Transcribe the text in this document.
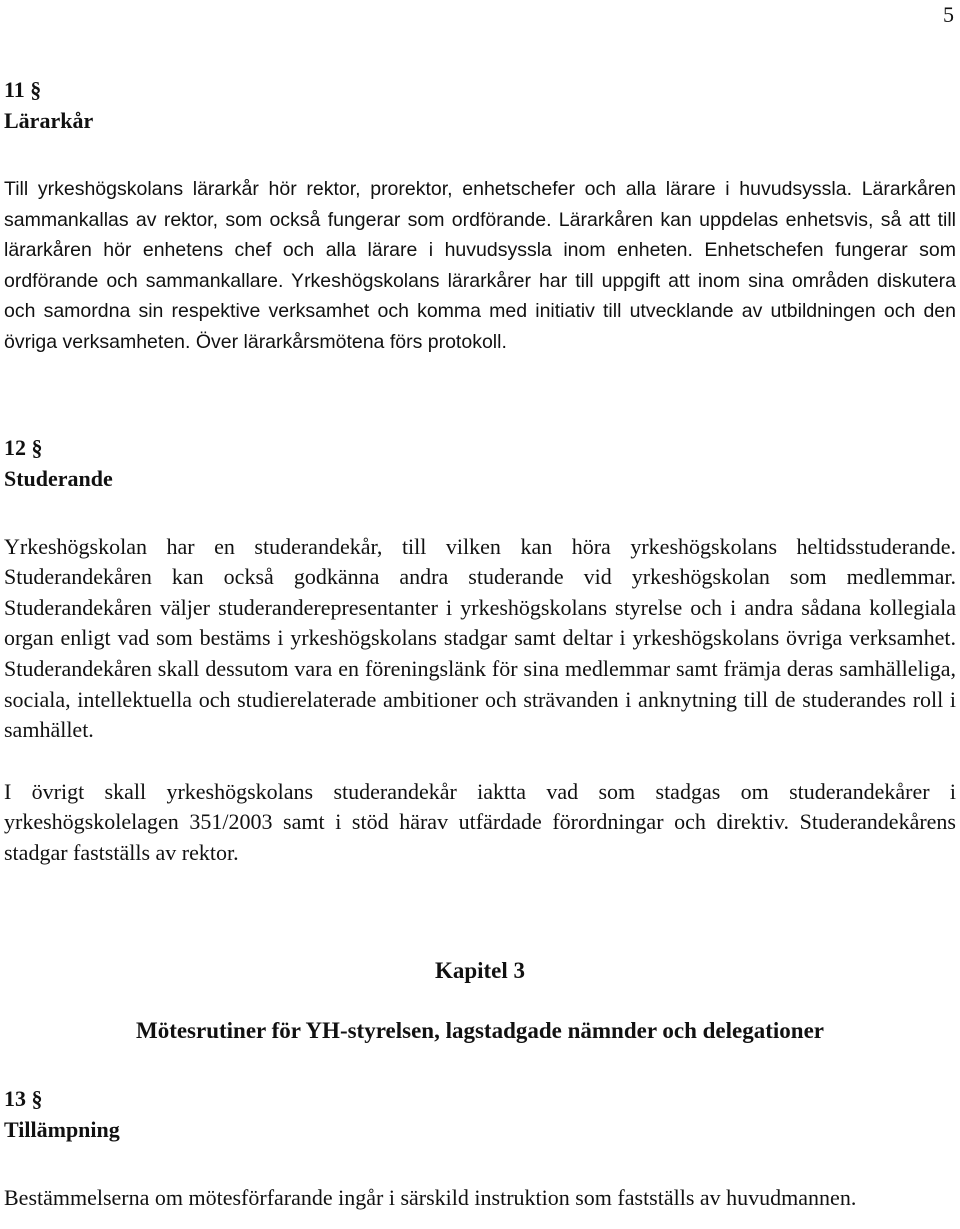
5
11 §
Lärarkår

Till yrkeshögskolans lärarkår hör rektor, prorektor, enhetschefer och alla lärare i huvudsyssla. Lärarkåren sammankallas av rektor, som också fungerar som ordförande. Lärarkåren kan uppdelas enhetsvis, så att till lärarkåren hör enhetens chef och alla lärare i huvudsyssla inom enheten. Enhetschefen fungerar som ordförande och sammankallare. Yrkeshögskolans lärarkårer har till uppgift att inom sina områden diskutera och samordna sin respektive verksamhet och komma med initiativ till utvecklande av utbildningen och den övriga verksamheten. Över lärarkårsmötena förs protokoll.

12 §
Studerande

Yrkeshögskolan har en studerandekår, till vilken kan höra yrkeshögskolans heltidsstuderande. Studerandekåren kan också godkänna andra studerande vid yrkeshögskolan som medlemmar. Studerandekåren väljer studeranderepresentanter i yrkeshögskolans styrelse och i andra sådana kollegiala organ enligt vad som bestäms i yrkeshögskolans stadgar samt deltar i yrkeshögskolans övriga verksamhet. Studerandekåren skall dessutom vara en föreningslänk för sina medlemmar samt främja deras samhälleliga, sociala, intellektuella och studierelaterade ambitioner och strävanden i anknytning till de studerandes roll i samhället.

I övrigt skall yrkeshögskolans studerandekår iaktta vad som stadgas om studerandekårer i yrkeshögskolelagen 351/2003 samt i stöd härav utfärdade förordningar och direktiv. Studerandekårens stadgar fastställs av rektor.

Kapitel 3
Mötesrutiner för YH-styrelsen, lagstadgade nämnder och delegationer
13 §
Tillämpning

Bestämmelserna om mötesförfarande ingår i särskild instruktion som fastställs av huvudmannen.
